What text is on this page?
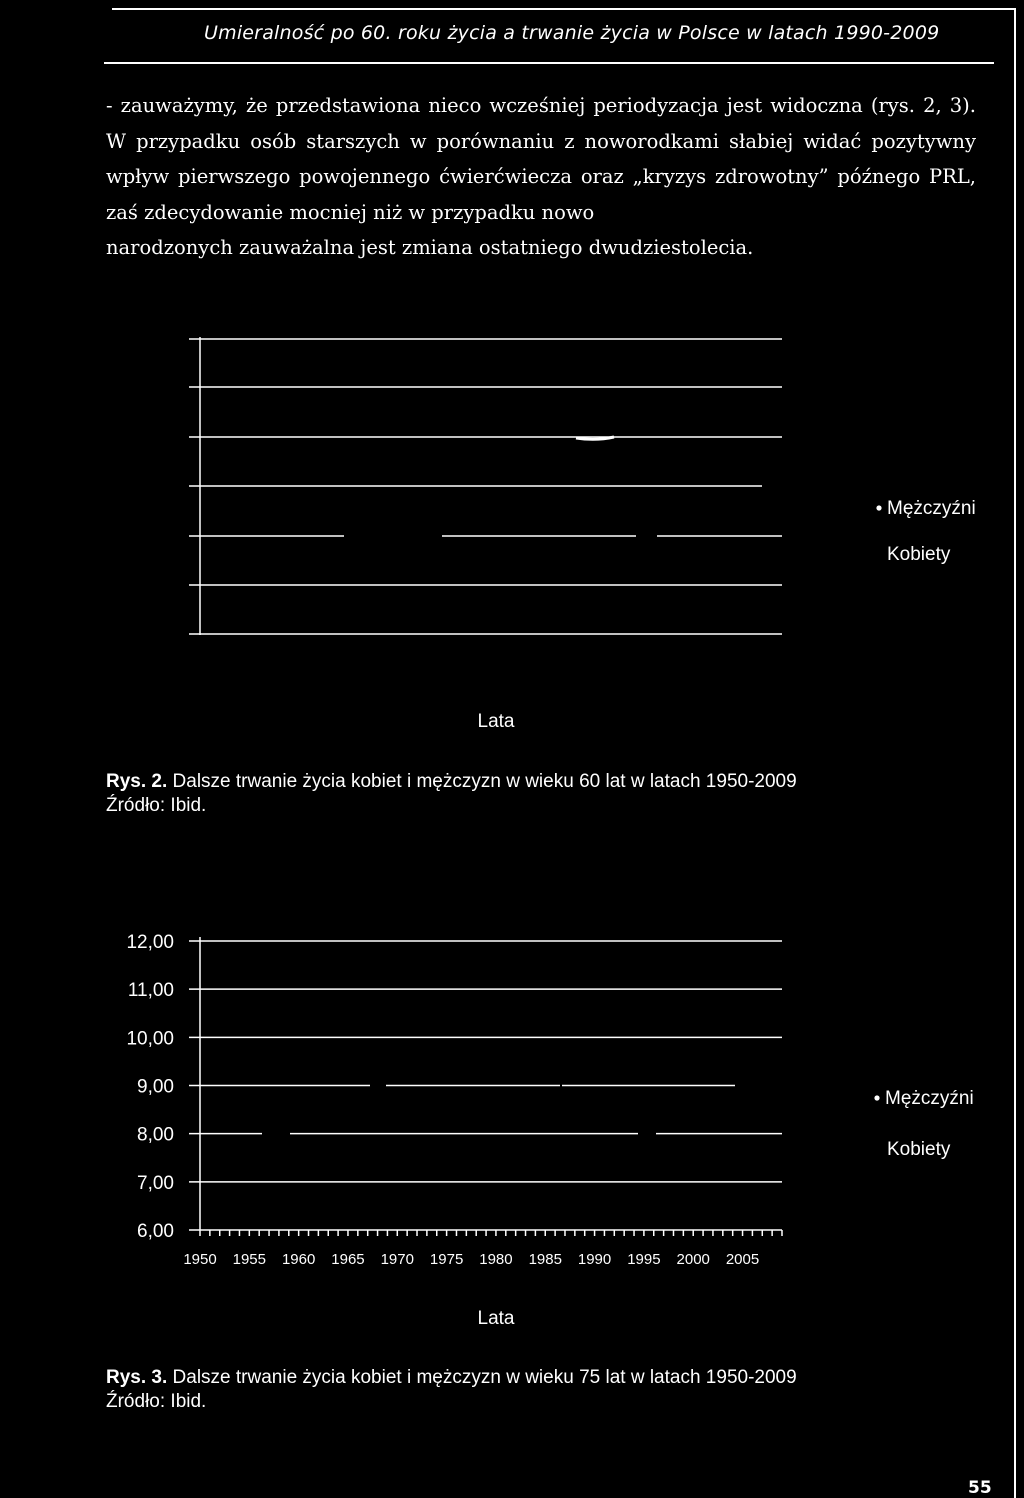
Umieralność po 60. roku życia a trwanie życia w Polsce w latach 1990-2009

- zauważymy, że przedstawiona nieco wcześniej periodyzacja jest widoczna (rys. 2, 3). W przypadku osób starszych w porównaniu z noworodkami słabiej widać pozytywny wpływ pierwszego powojennego ćwierćwiecza oraz „kryzys zdrowotny” późnego PRL, zaś zdecydowanie mocniej niż w przypadku nowo
narodzonych zauważalna jest zmiana ostatniego dwudziestolecia.

Mężczyźni
Kobiety
Lata

Rys. 2. Dalsze trwanie życia kobiet i mężczyzn w wieku 60 lat w latach 1950-2009
Źródło: Ibid.

12,00
11,00
10,00
9,00
8,00
7,00
6,00
1950 1955 1960 1965 1970 1975 1980 1985 1990 1995 2000 2005
Mężczyźni
Kobiety
Lata

Rys. 3. Dalsze trwanie życia kobiet i mężczyzn w wieku 75 lat w latach 1950-2009
Źródło: Ibid.

55
